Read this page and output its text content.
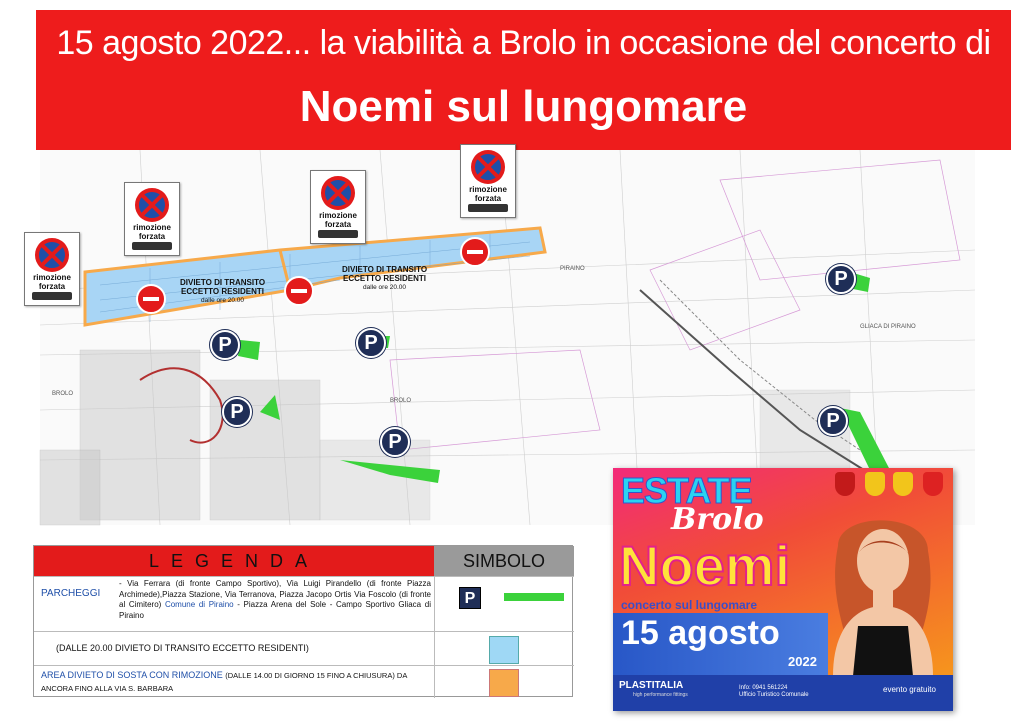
15 agosto 2022... la viabilità a Brolo in occasione del concerto di
Noemi sul lungomare
BROLO
BROLO
GLIACA DI PIRAINO
PIRAINO
rimozione
forzata
rimozione
forzata
rimozione
forzata
rimozione
forzata
DIVIETO DI TRANSITO
ECCETTO RESIDENTI
dalle ore 20.00
DIVIETO DI TRANSITO
ECCETTO RESIDENTI
dalle ore 20.00
P	P
P
P
P
P
LEGENDA	SIMBOLO
PARCHEGGI
- Via Ferrara (di fronte Campo Sportivo), Via Luigi Pirandello (di fronte Piazza Archimede),Piazza Stazione, Via Terranova, Piazza Jacopo Ortis Via Foscolo (di fronte al Cimitero) Comune di Piraino - Piazza Arena del Sole - Campo Sportivo Gliaca di Piraino
P
(DALLE 20.00 DIVIETO DI TRANSITO ECCETTO RESIDENTI)
AREA DIVIETO DI SOSTA CON RIMOZIONE (DALLE 14.00 DI GIORNO 15 FINO A CHIUSURA) DA ANCORA FINO ALLA VIA S. BARBARA
ESTATE
Brolo
Noemi
concerto sul lungomare
15 agosto
2022
PLASTITALIA
high performance fittings
Info: 0941 561224
Ufficio Turistico Comunale
evento gratuito
